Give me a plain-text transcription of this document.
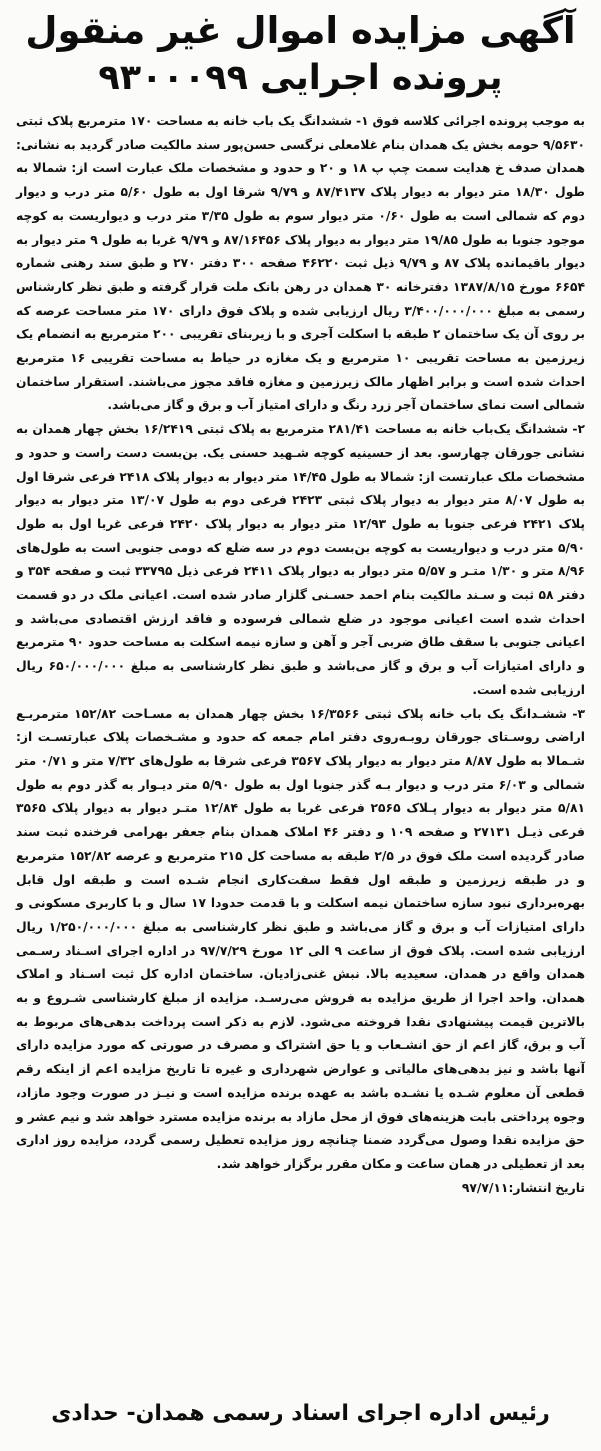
آگهی مزایده اموال غیر منقول
پرونده اجرایی ۹۳۰۰۰۹۹

به موجب پرونده اجرائی کلاسه فوق ۱- ششدانگ یک باب خانه به مساحت ۱۷۰ مترمربع پلاک ثبتی ۹/۵۶۳۰ حومه بخش یک همدان بنام غلامعلی نرگسی حسن‌پور سند مالکیت صادر گردید به نشانی: همدان صدف خ هدایت سمت چپ پ ۱۸ و ۲۰ و حدود و مشخصات ملک عبارت است از: شمالا به طول ۱۸/۳۰ متر دیوار به دیوار پلاک ۸۷/۴۱۳۷ و ۹/۷۹ شرقا اول به طول ۵/۶۰ متر درب و دیوار دوم که شمالی است به طول ۰/۶۰ متر دیوار سوم به طول ۳/۳۵ متر درب و دیواریست به کوچه موجود جنوبا به طول ۱۹/۸۵ متر دیوار به دیوار پلاک ۸۷/۱۶۴۵۶ و ۹/۷۹ غربا به طول ۹ متر دیوار به دیوار باقیمانده پلاک ۸۷ و ۹/۷۹ ذیل ثبت ۴۶۲۲۰ صفحه ۳۰۰ دفتر ۲۷۰ و طبق سند رهنی شماره ۶۶۵۴ مورخ ۱۳۸۷/۸/۱۵ دفترخانه ۳۰ همدان در رهن بانک ملت قرار گرفته و طبق نظر کارشناس رسمی به مبلغ ۳/۴۰۰/۰۰۰/۰۰۰ ریال ارزیابی شده و پلاک فوق دارای ۱۷۰ متر مساحت عرصه که بر روی آن یک ساختمان ۲ طبقه با اسکلت آجری و با زیربنای تقریبی ۲۰۰ مترمربع به انضمام یک زیرزمین به مساحت تقریبی ۱۰ مترمربع و یک مغازه در حیاط به مساحت تقریبی ۱۶ مترمربع احداث شده است و برابر اظهار مالک زیرزمین و مغازه فاقد مجوز می‌باشند. استقرار ساختمان شمالی است نمای ساختمان آجر زرد رنگ و دارای امتیاز آب و برق و گاز می‌باشد.

۲- ششدانگ یک‌باب خانه به مساحت ۲۸۱/۴۱ مترمربع به پلاک ثبتی ۱۶/۲۴۱۹ بخش چهار همدان به نشانی جورقان چهارسو. بعد از حسینیه کوچه شـهید حسنی یک. بن‌بست دست راست و حدود و مشخصات ملک عبارتست از: شمالا به طول ۱۴/۴۵ متر دیوار به دیوار پلاک ۲۴۱۸ فرعی شرقا اول به طول ۸/۰۷ متر دیوار به دیوار پلاک ثبتی ۲۴۲۳ فرعی دوم به طول ۱۳/۰۷ متر دیوار به دیوار پلاک ۲۴۲۱ فرعی جنوبا به طول ۱۲/۹۳ متر دیوار به دیوار پلاک ۲۴۲۰ فرعی غربا اول به طول ۵/۹۰ متر درب و دیواریست به کوچه بن‌بست دوم در سه ضلع که دومی جنوبی است به طول‌های ۸/۹۶ متر و ۱/۳۰ متـر و ۵/۵۷ متر دیوار به دیوار پلاک ۲۴۱۱ فرعی ذیل ۳۳۷۹۵ ثبت و صفحه ۳۵۴ و دفتر ۵۸ ثبت و سـند مالکیت بنام احمد حسـنی گلزار صادر شده است. اعیانی ملک در دو قسمت احداث شده است اعیانی موجود در ضلع شمالی فرسوده و فاقد ارزش اقتصادی می‌باشد و اعیانی جنوبی با سقف طاق ضربی آجر و آهن و سازه نیمه اسکلت به مساحت حدود ۹۰ مترمربع و دارای امتیازات آب و برق و گاز می‌باشد و طبق نظر کارشناسی به مبلغ ۶۵۰/۰۰۰/۰۰۰ ریال ارزیابی شده است.

۳- ششـدانگ یک باب خانه پلاک ثبتی ۱۶/۳۵۶۶ بخش چهار همدان به مسـاحت ۱۵۲/۸۲ مترمربـع اراضی روسـتای جورقان روبـه‌روی دفتر امام جمعه که حدود و مشـخصات پلاک عبارتسـت از: شـمالا به طول ۸/۸۷ متر دیوار به دیوار پلاک ۳۵۶۷ فرعی شرقا به طول‌های ۷/۳۲ متر و ۰/۷۱ متر شمالی و ۶/۰۳ متر درب و دیوار بـه گذر جنوبا اول به طول ۵/۹۰ متر دیـوار به گذر دوم به طول ۵/۸۱ متر دیوار به دیوار پـلاک ۲۵۶۵ فرعی غربا به طول ۱۲/۸۴ متـر دیوار به دیوار پلاک ۳۵۶۵ فرعی ذیـل ۲۷۱۳۱ و صفحه ۱۰۹ و دفتر ۴۶ املاک همدان بنام جعفر بهرامی فرخنده ثبت سند صادر گردیده است ملک فوق در ۲/۵ طبقه به مساحت کل ۲۱۵ مترمربع و عرصه ۱۵۲/۸۲ مترمربع و در طبقه زیرزمین و طبقه اول فقط سفت‌کاری انجام شـده است و طبقه اول قابل بهره‌برداری نبود سازه ساختمان نیمه اسکلت و با قدمت حدودا ۱۷ سال و با کاربری مسکونی و دارای امتیازات آب و برق و گاز می‌باشد و طبق نظر کارشناسی به مبلغ ۱/۲۵۰/۰۰۰/۰۰۰ ریال ارزیابی شده است. پلاک فوق از ساعت ۹ الی ۱۲ مورخ ۹۷/۷/۲۹ در اداره اجرای اسـناد رسـمی همدان واقع در همدان. سعیدیه بالا. نبش غنی‌زادیان. ساختمان اداره کل ثبت اسـناد و املاک همدان. واحد اجرا از طریق مزایده به فروش می‌رسـد. مزایده از مبلغ کارشناسی شـروع و به بالاترین قیمت پیشنهادی نقدا فروخته می‌شود. لازم به ذکر است پرداخت بدهی‌های مربوط به آب و برق، گاز اعم از حق انشـعاب و یا حق اشتراک و مصرف در صورتی که مورد مزایده دارای آنها باشد و نیز بدهی‌های مالیاتی و عوارض شهرداری و غیره تا تاریخ مزایده اعم از اینکه رقم قطعی آن معلوم شـده یا نشـده باشد به عهده برنده مزایده است و نیـز در صورت وجود مازاد، وجوه پرداختی بابت هزینه‌های فوق از محل مازاد به برنده مزایده مسترد خواهد شد و نیم عشر و حق مزایده نقدا وصول می‌گردد ضمنا چنانچه روز مزایده تعطیل رسمی گردد، مزایده روز اداری بعد از تعطیلی در همان ساعت و مکان مقرر برگزار خواهد شد.

تاریخ انتشار:۹۷/۷/۱۱

رئیس اداره اجرای اسناد رسمی همدان- حدادی
